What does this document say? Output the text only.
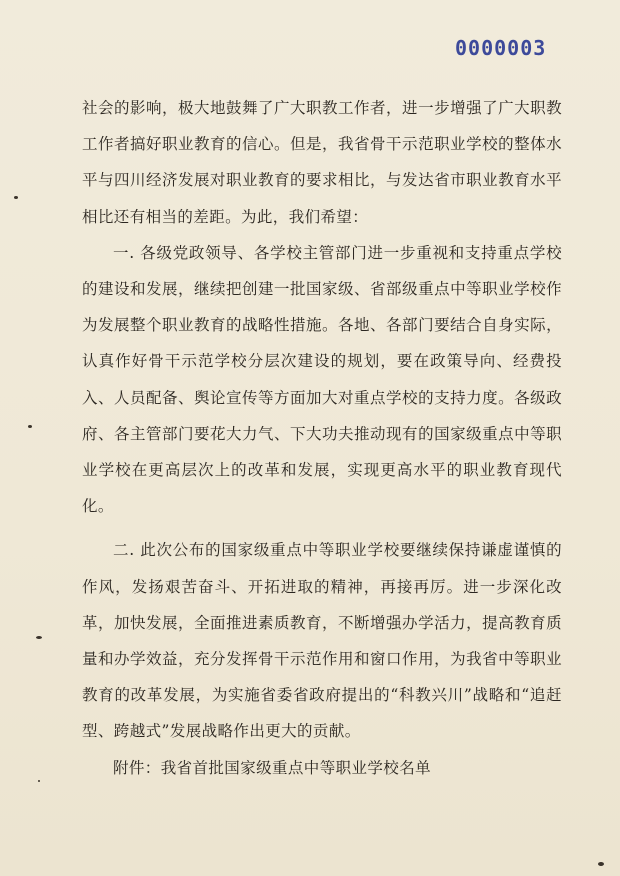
0000003

社会的影响，极大地鼓舞了广大职教工作者，进一步增强了广大职教工作者搞好职业教育的信心。但是，我省骨干示范职业学校的整体水平与四川经济发展对职业教育的要求相比，与发达省市职业教育水平相比还有相当的差距。为此，我们希望：

一. 各级党政领导、各学校主管部门进一步重视和支持重点学校的建设和发展，继续把创建一批国家级、省部级重点中等职业学校作为发展整个职业教育的战略性措施。各地、各部门要结合自身实际，认真作好骨干示范学校分层次建设的规划，要在政策导向、经费投入、人员配备、舆论宣传等方面加大对重点学校的支持力度。各级政府、各主管部门要花大力气、下大功夫推动现有的国家级重点中等职业学校在更高层次上的改革和发展，实现更高水平的职业教育现代化。

二. 此次公布的国家级重点中等职业学校要继续保持谦虚谨慎的作风，发扬艰苦奋斗、开拓进取的精神，再接再厉。进一步深化改革，加快发展，全面推进素质教育，不断增强办学活力，提高教育质量和办学效益，充分发挥骨干示范作用和窗口作用，为我省中等职业教育的改革发展，为实施省委省政府提出的“科教兴川”战略和“追赶型、跨越式”发展战略作出更大的贡献。

附件：我省首批国家级重点中等职业学校名单
